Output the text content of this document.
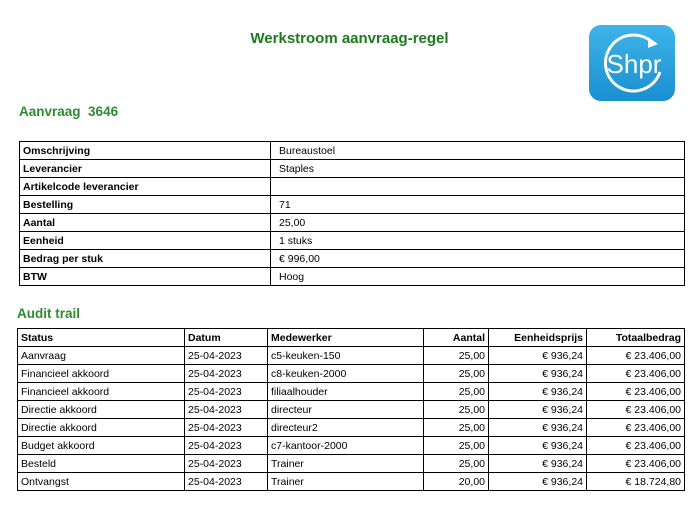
Werkstroom aanvraag-regel
Shpr
Aanvraag 3646
Omschrijving	Bureaustoel
Leverancier	Staples
Artikelcode leverancier	
Bestelling	71
Aantal	25,00
Eenheid	1 stuks
Bedrag per stuk	€ 996,00
BTW	Hoog
Audit trail
Status	Datum	Medewerker	Aantal	Eenheidsprijs	Totaalbedrag
Aanvraag	25-04-2023	c5-keuken-150	25,00	€ 936,24	€ 23.406,00
Financieel akkoord	25-04-2023	c8-keuken-2000	25,00	€ 936,24	€ 23.406,00
Financieel akkoord	25-04-2023	filiaalhouder	25,00	€ 936,24	€ 23.406,00
Directie akkoord	25-04-2023	directeur	25,00	€ 936,24	€ 23.406,00
Directie akkoord	25-04-2023	directeur2	25,00	€ 936,24	€ 23.406,00
Budget akkoord	25-04-2023	c7-kantoor-2000	25,00	€ 936,24	€ 23.406,00
Besteld	25-04-2023	Trainer	25,00	€ 936,24	€ 23.406,00
Ontvangst	25-04-2023	Trainer	20,00	€ 936,24	€ 18.724,80
